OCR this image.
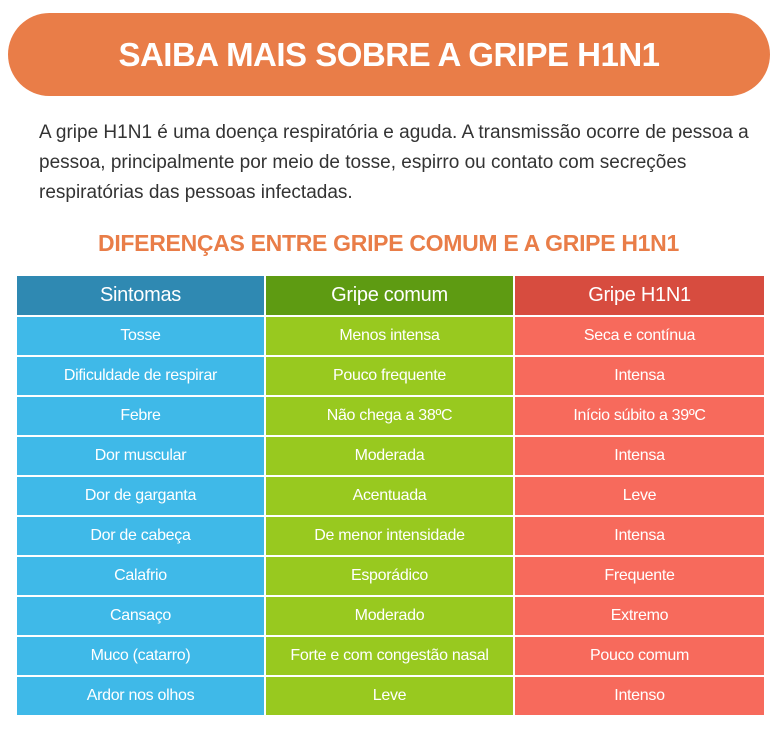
SAIBA MAIS SOBRE A GRIPE H1N1

A gripe H1N1 é uma doença respiratória e aguda. A transmissão ocorre de pessoa a pessoa, principalmente por meio de tosse, espirro ou contato com secreções respiratórias das pessoas infectadas.

DIFERENÇAS ENTRE GRIPE COMUM E A GRIPE H1N1
Sintomas	Gripe comum	Gripe H1N1
Tosse	Menos intensa	Seca e contínua
Dificuldade de respirar	Pouco frequente	Intensa
Febre	Não chega a 38ºC	Início súbito a 39ºC
Dor muscular	Moderada	Intensa
Dor de garganta	Acentuada	Leve
Dor de cabeça	De menor intensidade	Intensa
Calafrio	Esporádico	Frequente
Cansaço	Moderado	Extremo
Muco (catarro)	Forte e com congestão nasal	Pouco comum
Ardor nos olhos	Leve	Intenso
